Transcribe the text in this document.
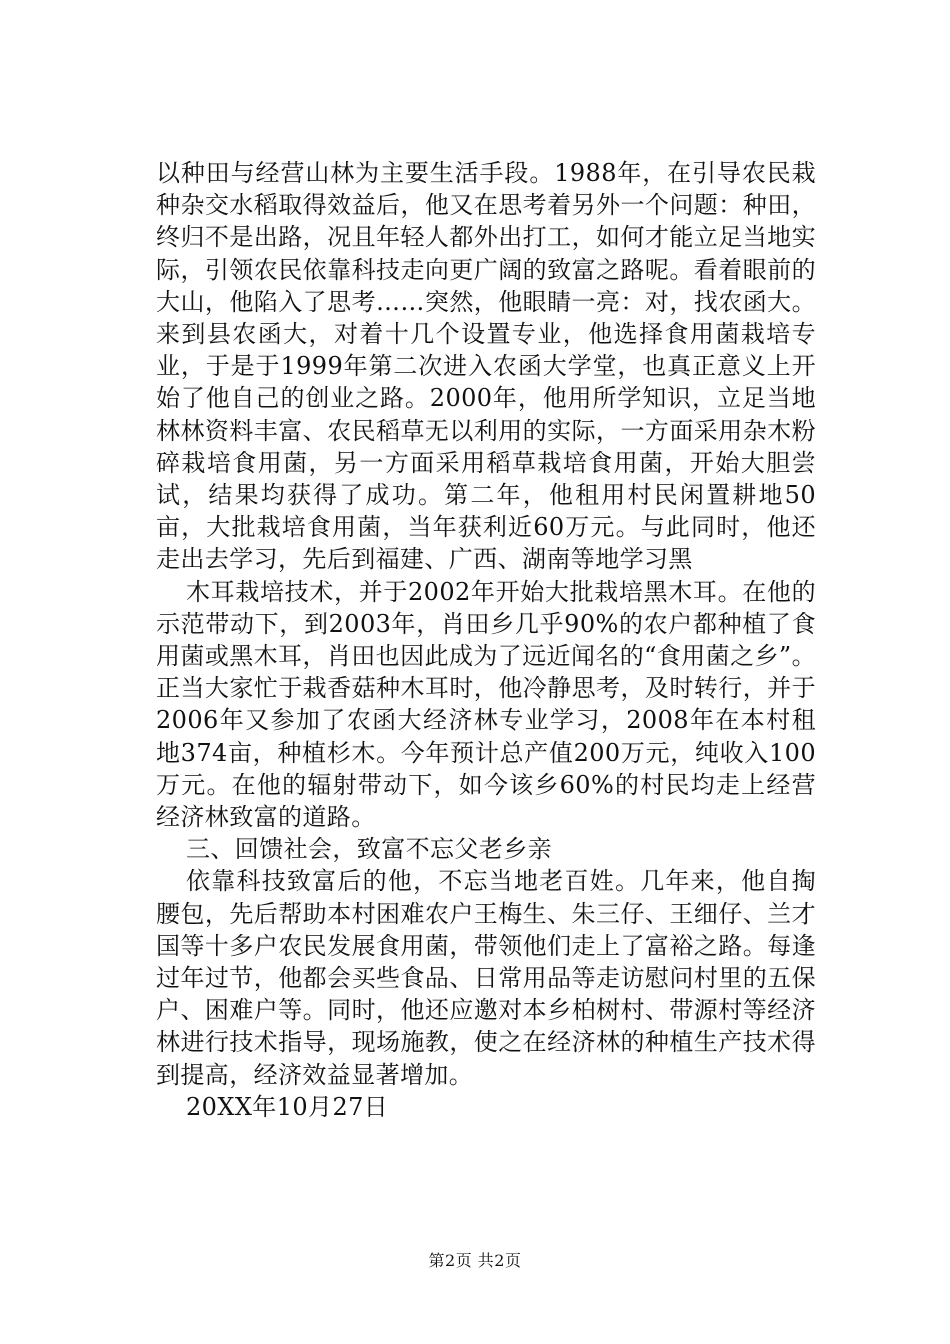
以种田与经营山林为主要生活手段。1988年，在引导农民栽种杂交水稻取得效益后，他又在思考着另外一个问题：种田，终归不是出路，况且年轻人都外出打工，如何才能立足当地实际，引领农民依靠科技走向更广阔的致富之路呢。看着眼前的大山，他陷入了思考……突然，他眼睛一亮：对，找农函大。来到县农函大，对着十几个设置专业，他选择食用菌栽培专业，于是于1999年第二次进入农函大学堂，也真正意义上开始了他自己的创业之路。2000年，他用所学知识，立足当地林林资料丰富、农民稻草无以利用的实际，一方面采用杂木粉碎栽培食用菌，另一方面采用稻草栽培食用菌，开始大胆尝试，结果均获得了成功。第二年，他租用村民闲置耕地50亩，大批栽培食用菌，当年获利近60万元。与此同时，他还走出去学习，先后到福建、广西、湖南等地学习黑

木耳栽培技术，并于2002年开始大批栽培黑木耳。在他的示范带动下，到2003年，肖田乡几乎90%的农户都种植了食用菌或黑木耳，肖田也因此成为了远近闻名的“食用菌之乡”。正当大家忙于栽香菇种木耳时，他冷静思考，及时转行，并于2006年又参加了农函大经济林专业学习，2008年在本村租地374亩，种植杉木。今年预计总产值200万元，纯收入100万元。在他的辐射带动下，如今该乡60%的村民均走上经营经济林致富的道路。

三、回馈社会，致富不忘父老乡亲

依靠科技致富后的他，不忘当地老百姓。几年来，他自掏腰包，先后帮助本村困难农户王梅生、朱三仔、王细仔、兰才国等十多户农民发展食用菌，带领他们走上了富裕之路。每逢过年过节，他都会买些食品、日常用品等走访慰问村里的五保户、困难户等。同时，他还应邀对本乡柏树村、带源村等经济林进行技术指导，现场施教，使之在经济林的种植生产技术得到提高，经济效益显著增加。

20XX年10月27日

第2页 共2页
